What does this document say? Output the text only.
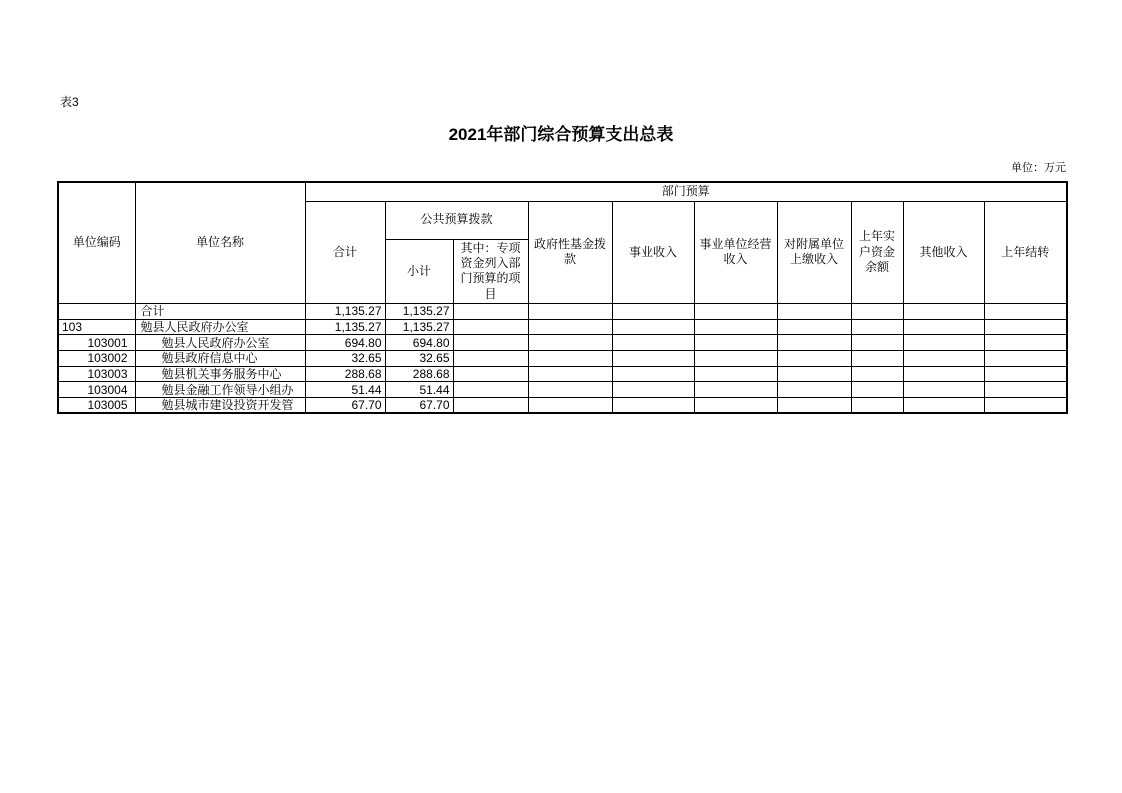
表3
2021年部门综合预算支出总表
单位：万元
单位编码	单位名称	部门预算									
		合计	公共预算拨款		政府性基金拨款	事业收入	事业单位经营收入	对附属单位上缴收入	上年实户资金余额	其他收入	上年结转
			小计	其中：专项资金列入部门预算的项目							
	合计	1,135.27	1,135.27								
103	勉县人民政府办公室	1,135.27	1,135.27								
103001	勉县人民政府办公室	694.80	694.80								
103002	勉县政府信息中心	32.65	32.65								
103003	勉县机关事务服务中心	288.68	288.68								
103004	勉县金融工作领导小组办	51.44	51.44								
103005	勉县城市建设投资开发管	67.70	67.70								
